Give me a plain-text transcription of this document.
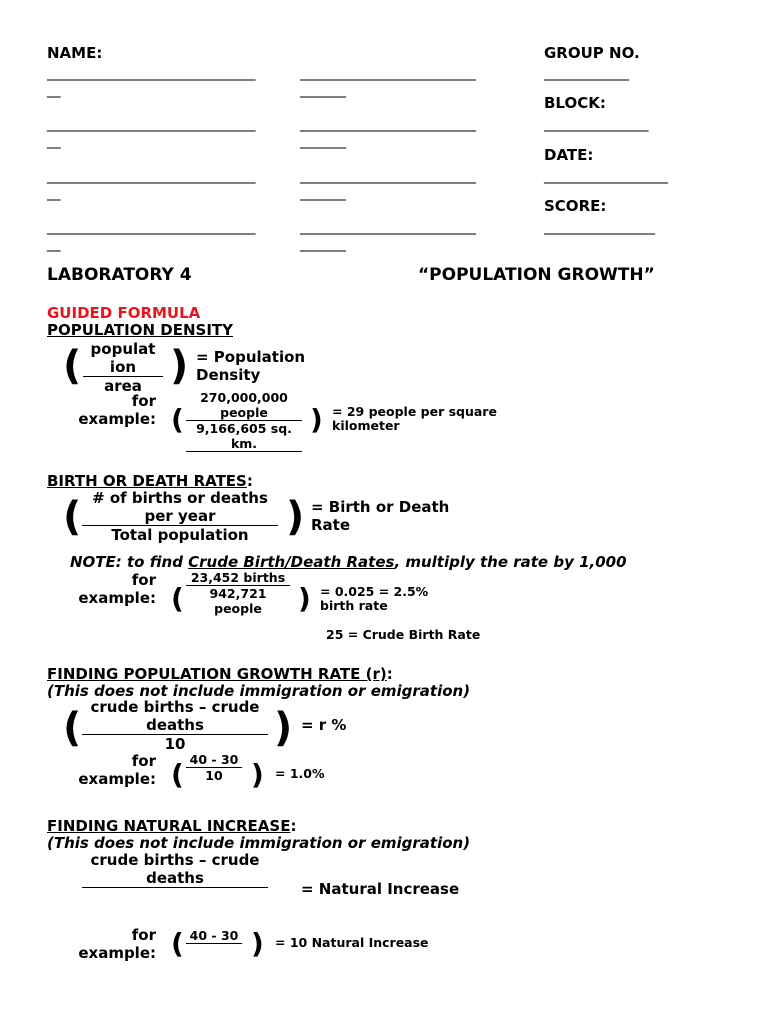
NAME:	GROUP NO.
________________________________	___________________________	_____________
__	_______
BLOCK:
________________________________	___________________________	________________
__	_______
DATE:
________________________________	___________________________	___________________
__	_______
SCORE:
________________________________	___________________________	_________________
__	_______
LABORATORY 4	“POPULATION GROWTH”
GUIDED FORMULA
POPULATION DENSITY
( populat ion
area ) = Population Density
for example: (
270,000,000 people
9,166,605 sq. km.
) = 29 people per square kilometer
BIRTH OR DEATH RATES:
( # of births or deaths per year
Total population ) = Birth or Death Rate
NOTE: to find Crude Birth/Death Rates, multiply the rate by 1,000
for example: (
23,452 births
942,721 people	) = 0.025 = 2.5% birth rate
25 = Crude Birth Rate
FINDING POPULATION GROWTH RATE (r):
(This does not include immigration or emigration)
( crude births – crude deaths
10	) = r %
for example: ( 40 - 30
10	) = 1.0%
FINDING NATURAL INCREASE:
(This does not include immigration or emigration)
crude births – crude deaths
= Natural Increase
for example: ( 40 - 30 ) = 10 Natural Increase
